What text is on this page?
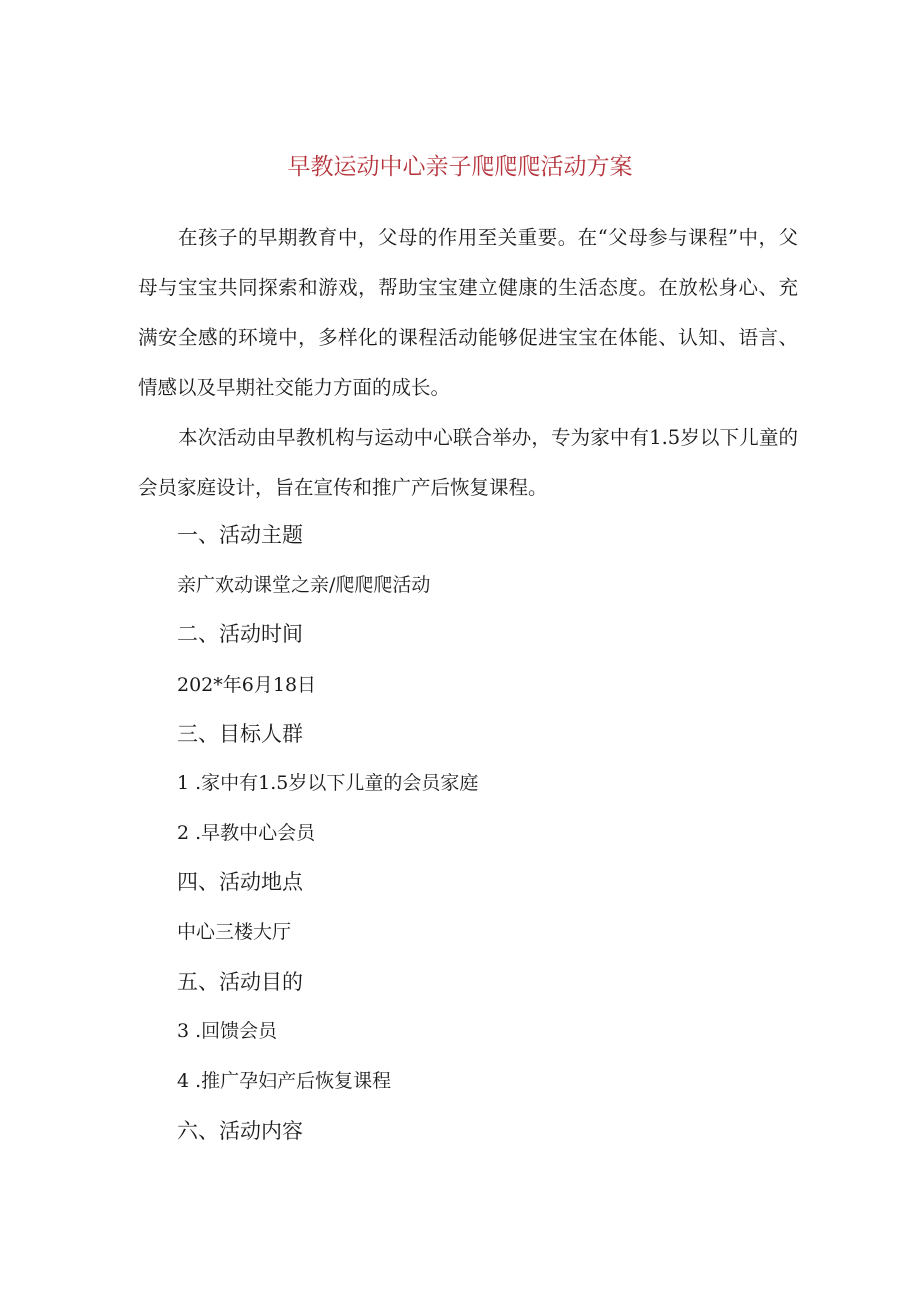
早教运动中心亲子爬爬爬活动方案

在孩子的早期教育中，父母的作用至关重要。在“父母参与课程”中，父母与宝宝共同探索和游戏，帮助宝宝建立健康的生活态度。在放松身心、充满安全感的环境中，多样化的课程活动能够促进宝宝在体能、认知、语言、情感以及早期社交能力方面的成长。

本次活动由早教机构与运动中心联合举办，专为家中有1.5岁以下儿童的会员家庭设计，旨在宣传和推广产后恢复课程。

一、活动主题
亲广欢动课堂之亲/爬爬爬活动
二、活动时间
202*年6月18日
三、目标人群
1 .家中有1.5岁以下儿童的会员家庭
2 .早教中心会员
四、活动地点
中心三楼大厅
五、活动目的
3 .回馈会员
4 .推广孕妇产后恢复课程
六、活动内容
